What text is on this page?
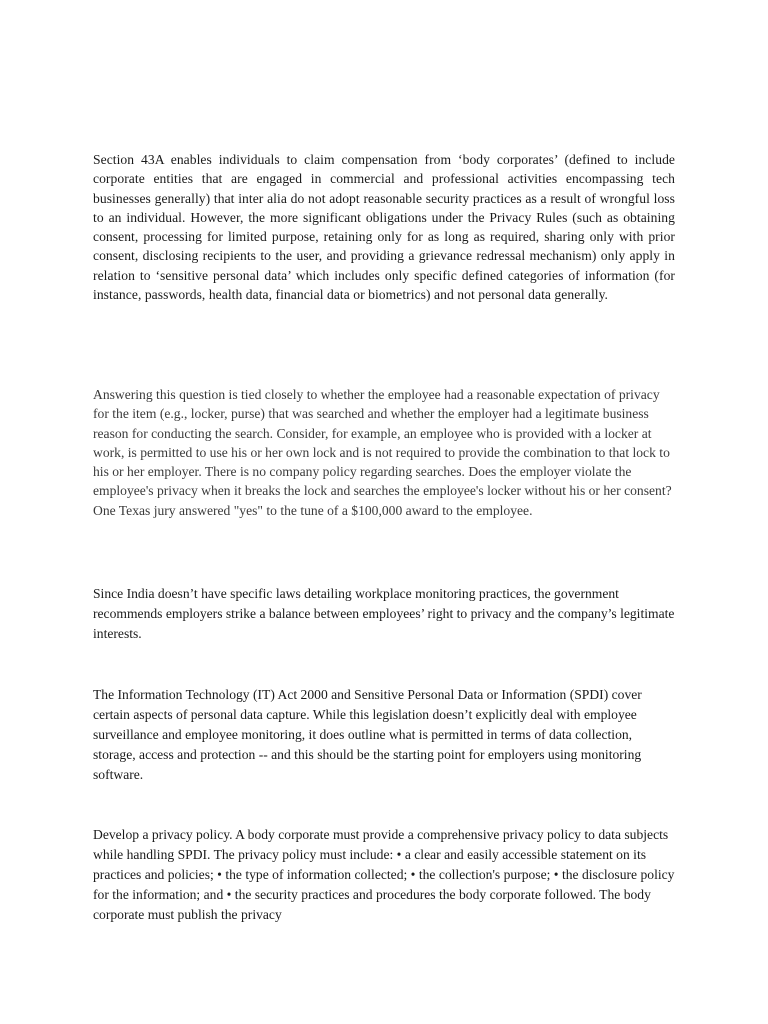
Section 43A enables individuals to claim compensation from ‘body corporates’ (defined to include corporate entities that are engaged in commercial and professional activities encompassing tech businesses generally) that inter alia do not adopt reasonable security practices as a result of wrongful loss to an individual. However, the more significant obligations under the Privacy Rules (such as obtaining consent, processing for limited purpose, retaining only for as long as required, sharing only with prior consent, disclosing recipients to the user, and providing a grievance redressal mechanism) only apply in relation to ‘sensitive personal data’ which includes only specific defined categories of information (for instance, passwords, health data, financial data or biometrics) and not personal data generally.

Answering this question is tied closely to whether the employee had a reasonable expectation of privacy for the item (e.g., locker, purse) that was searched and whether the employer had a legitimate business reason for conducting the search. Consider, for example, an employee who is provided with a locker at work, is permitted to use his or her own lock and is not required to provide the combination to that lock to his or her employer. There is no company policy regarding searches. Does the employer violate the employee's privacy when it breaks the lock and searches the employee's locker without his or her consent? One Texas jury answered "yes" to the tune of a $100,000 award to the employee.

Since India doesn’t have specific laws detailing workplace monitoring practices, the government recommends employers strike a balance between employees’ right to privacy and the company’s legitimate interests.

The Information Technology (IT) Act 2000 and Sensitive Personal Data or Information (SPDI) cover certain aspects of personal data capture. While this legislation doesn’t explicitly deal with employee surveillance and employee monitoring, it does outline what is permitted in terms of data collection, storage, access and protection -- and this should be the starting point for employers using monitoring software.

Develop a privacy policy. A body corporate must provide a comprehensive privacy policy to data subjects while handling SPDI. The privacy policy must include: • a clear and easily accessible statement on its practices and policies; • the type of information collected; • the collection's purpose; • the disclosure policy for the information; and • the security practices and procedures the body corporate followed. The body corporate must publish the privacy
